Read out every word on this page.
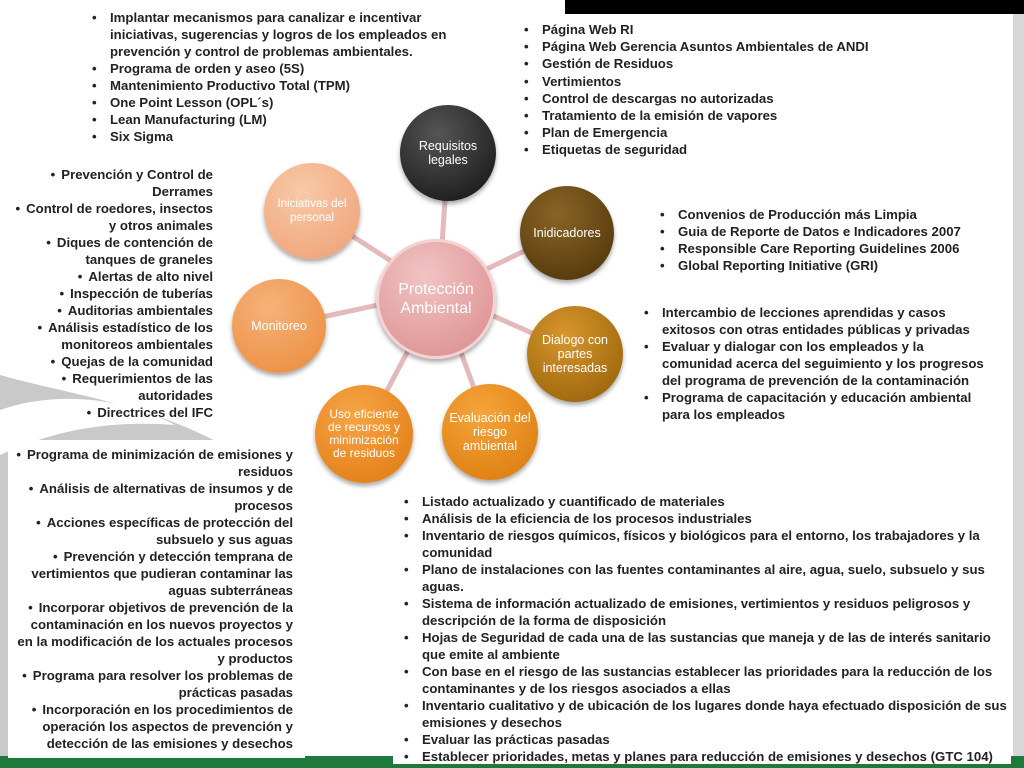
Protección Ambiental
Requisitos legales
Inidicadores
Dialogo con partes interesadas
Evaluación del riesgo ambiental
Uso eficiente de recursos y minimización de residuos
Monitoreo
Iniciativas del personal
• Implantar mecanismos para canalizar e incentivar iniciativas, sugerencias y logros de los empleados en prevención y control de problemas ambientales.
• Programa de orden y aseo (5S)
• Mantenimiento Productivo Total (TPM)
• One Point Lesson (OPL´s)
• Lean Manufacturing (LM)
• Six Sigma
• Página Web RI
• Página Web Gerencia Asuntos Ambientales de ANDI
• Gestión de Residuos
• Vertimientos
• Control de descargas no autorizadas
• Tratamiento de la emisión de vapores
• Plan de Emergencia
• Etiquetas de seguridad
• Convenios de Producción más Limpia
• Guia de Reporte de Datos e Indicadores 2007
• Responsible Care Reporting Guidelines 2006
• Global Reporting Initiative (GRI)
• Intercambio de lecciones aprendidas y casos exitosos con otras entidades públicas y privadas
• Evaluar y dialogar con los empleados y la comunidad acerca del seguimiento y los progresos del programa de prevención de la contaminación
• Programa de capacitación y educación ambiental para los empleados
• Prevención y Control de Derrames
• Control de roedores, insectos y otros animales
• Diques de contención de tanques de graneles
• Alertas de alto nivel
• Inspección de tuberías
• Auditorias ambientales
• Análisis estadístico de los monitoreos ambientales
• Quejas de la comunidad
• Requerimientos de las autoridades
• Directrices del IFC
• Programa de minimización de emisiones y residuos
• Análisis de alternativas de insumos y de procesos
• Acciones específicas de protección del subsuelo y sus aguas
• Prevención y detección temprana de vertimientos que pudieran contaminar las aguas subterráneas
• Incorporar objetivos de prevención de la contaminación en los nuevos proyectos y en la modificación de los actuales procesos y productos
• Programa para resolver los problemas de prácticas pasadas
• Incorporación en los procedimientos de operación los aspectos de prevención y detección de las emisiones y desechos
• Listado actualizado y cuantificado de materiales
• Análisis de la eficiencia de los procesos industriales
• Inventario de riesgos químicos, físicos y biológicos para el entorno, los trabajadores y la comunidad
• Plano de instalaciones con las fuentes contaminantes al aire, agua, suelo, subsuelo y sus aguas.
• Sistema de información actualizado de emisiones, vertimientos y residuos peligrosos y descripción de la forma de disposición
• Hojas de Seguridad de cada una de las sustancias que maneja y de las de interés sanitario que emite al ambiente
• Con base en el riesgo de las sustancias establecer las prioridades para la reducción de los contaminantes y de los riesgos asociados a ellas
• Inventario cualitativo y de ubicación de los lugares donde haya efectuado disposición de sus emisiones y desechos
• Evaluar las prácticas pasadas
• Establecer prioridades, metas y planes para reducción de emisiones y desechos (GTC 104)
